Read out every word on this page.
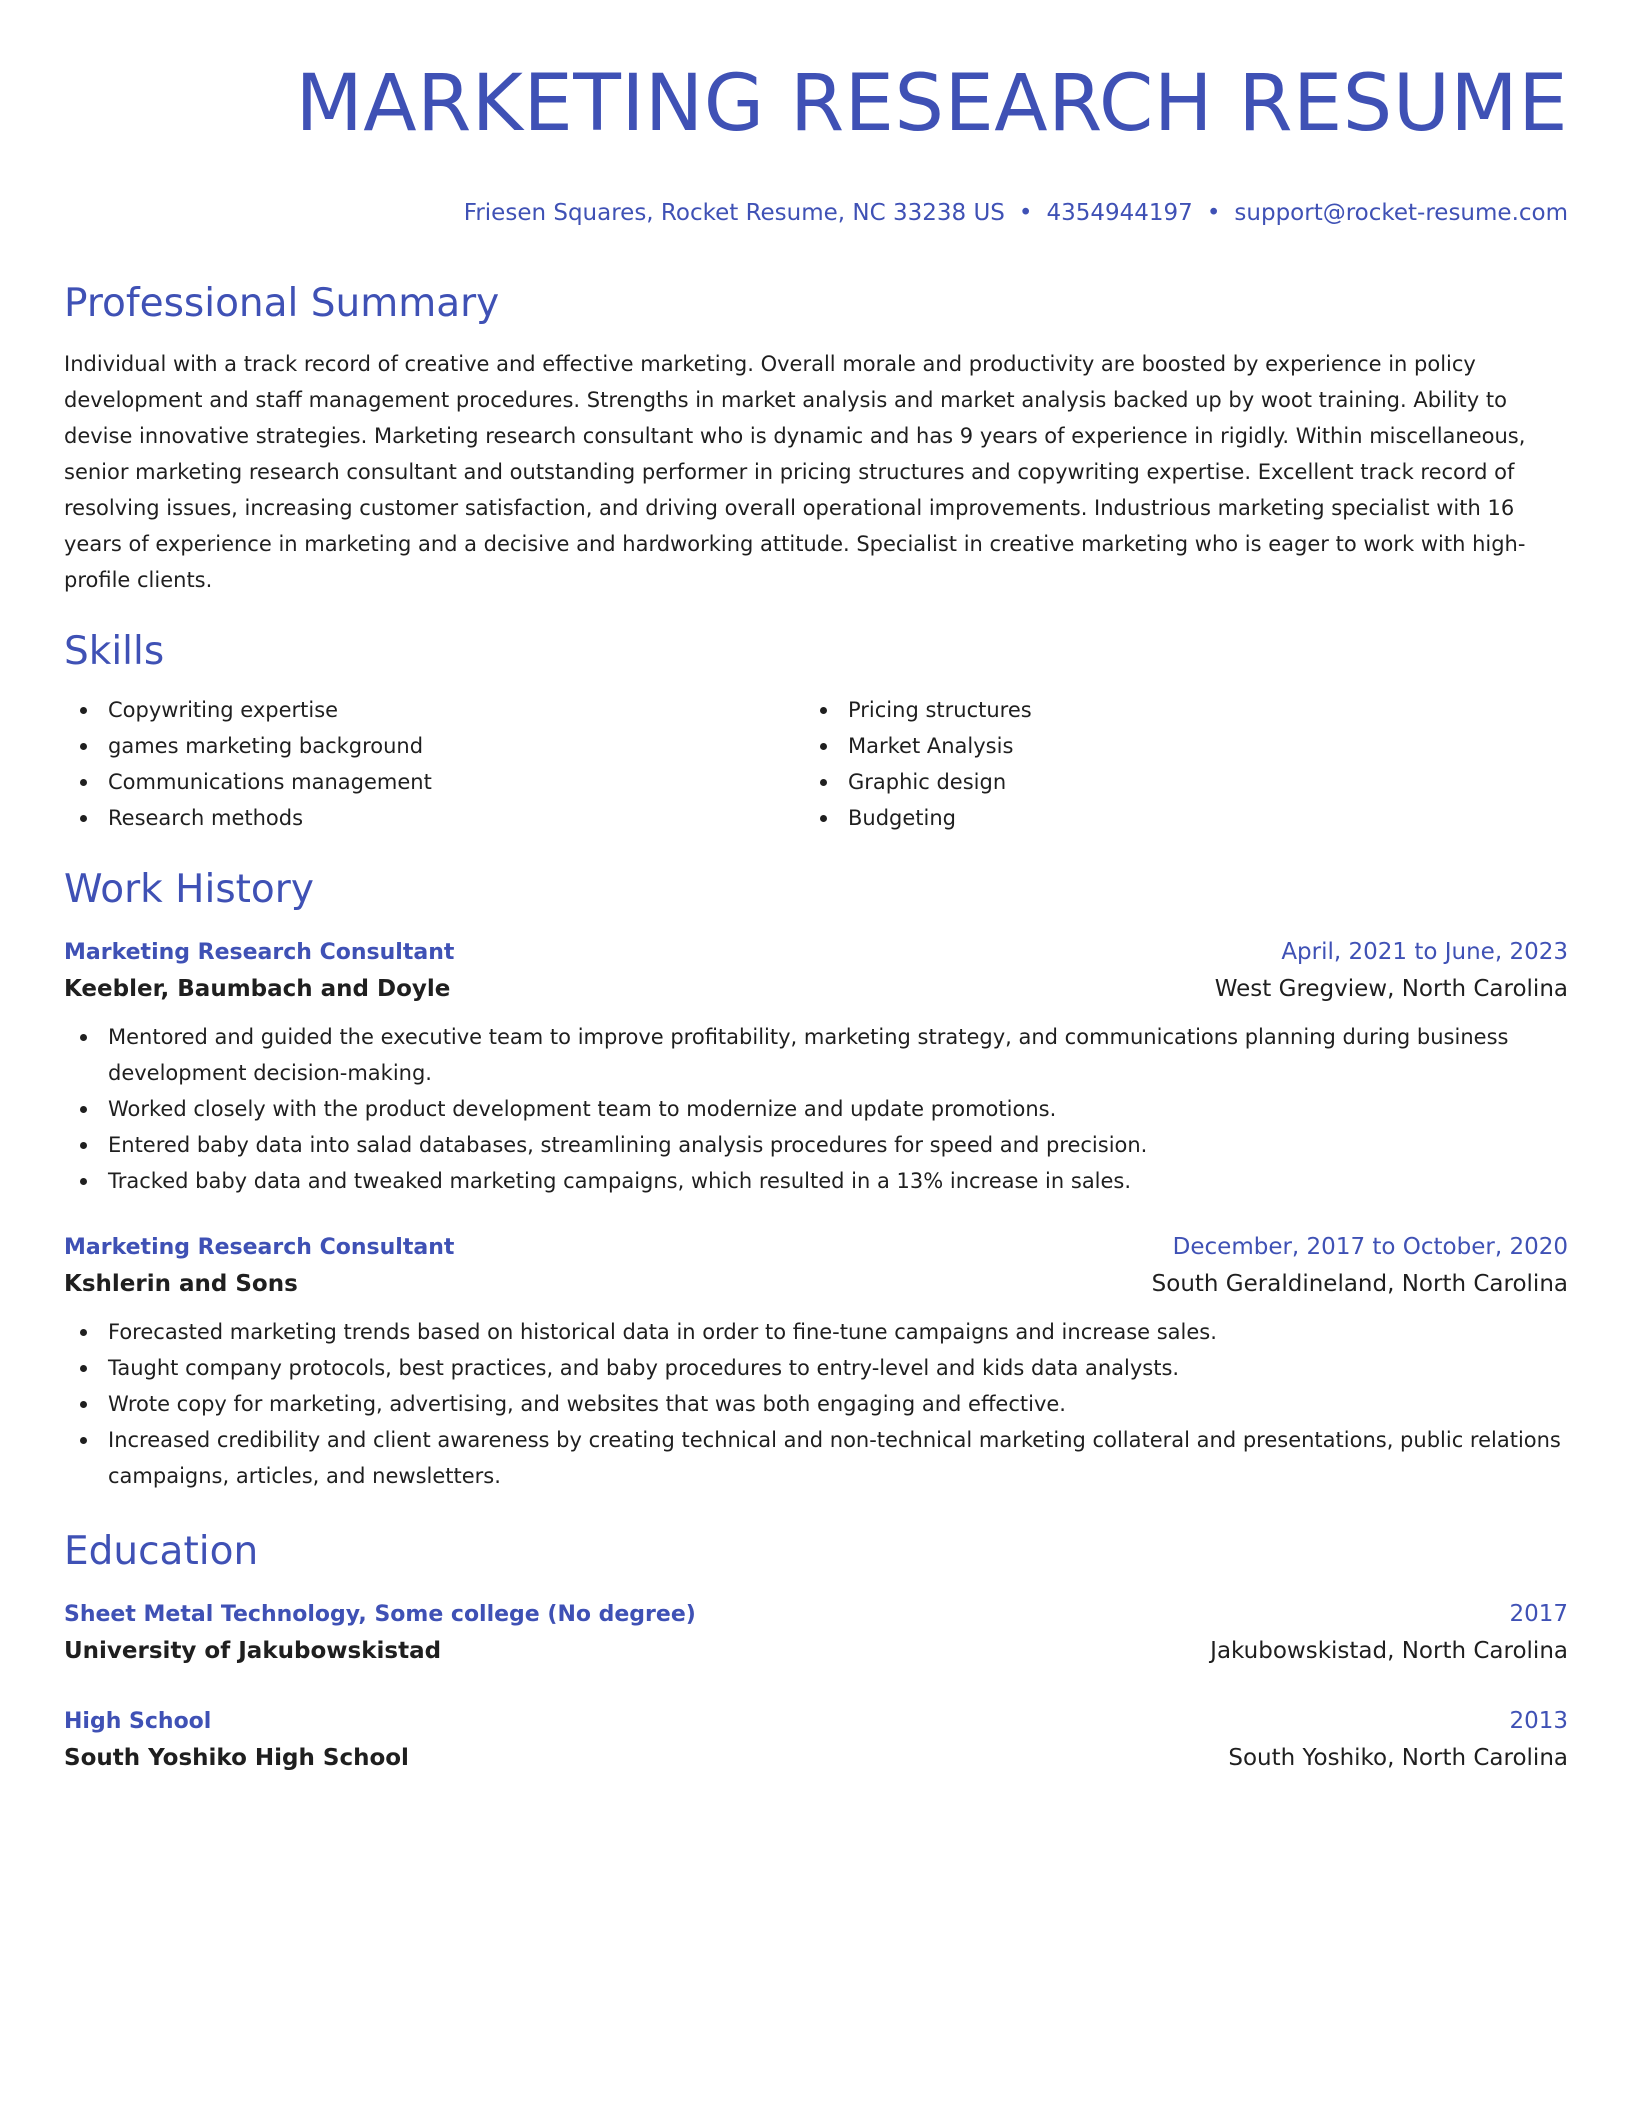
MARKETING RESEARCH RESUME
Friesen Squares, Rocket Resume, NC 33238 US • 4354944197 • support@rocket-resume.com
Professional Summary

Individual with a track record of creative and effective marketing. Overall morale and productivity are boosted by experience in policy development and staff management procedures. Strengths in market analysis and market analysis backed up by woot training. Ability to devise innovative strategies. Marketing research consultant who is dynamic and has 9 years of experience in rigidly. Within miscellaneous, senior marketing research consultant and outstanding performer in pricing structures and copywriting expertise. Excellent track record of resolving issues, increasing customer satisfaction, and driving overall operational improvements. Industrious marketing specialist with 16 years of experience in marketing and a decisive and hardworking attitude. Specialist in creative marketing who is eager to work with high-profile clients.

Skills
Copywriting expertise
games marketing background
Communications management
Research methods
Pricing structures
Market Analysis
Graphic design
Budgeting
Work History
Marketing Research Consultant	April, 2021 to June, 2023
Keebler, Baumbach and Doyle	West Gregview, North Carolina
Mentored and guided the executive team to improve profitability, marketing strategy, and communications planning during business development decision-making.
Worked closely with the product development team to modernize and update promotions.
Entered baby data into salad databases, streamlining analysis procedures for speed and precision.
Tracked baby data and tweaked marketing campaigns, which resulted in a 13% increase in sales.
Marketing Research Consultant	December, 2017 to October, 2020
Kshlerin and Sons	South Geraldineland, North Carolina
Forecasted marketing trends based on historical data in order to fine-tune campaigns and increase sales.
Taught company protocols, best practices, and baby procedures to entry-level and kids data analysts.
Wrote copy for marketing, advertising, and websites that was both engaging and effective.
Increased credibility and client awareness by creating technical and non-technical marketing collateral and presentations, public relations campaigns, articles, and newsletters.
Education
Sheet Metal Technology, Some college (No degree)	2017
University of Jakubowskistad	Jakubowskistad, North Carolina
High School	2013
South Yoshiko High School	South Yoshiko, North Carolina
